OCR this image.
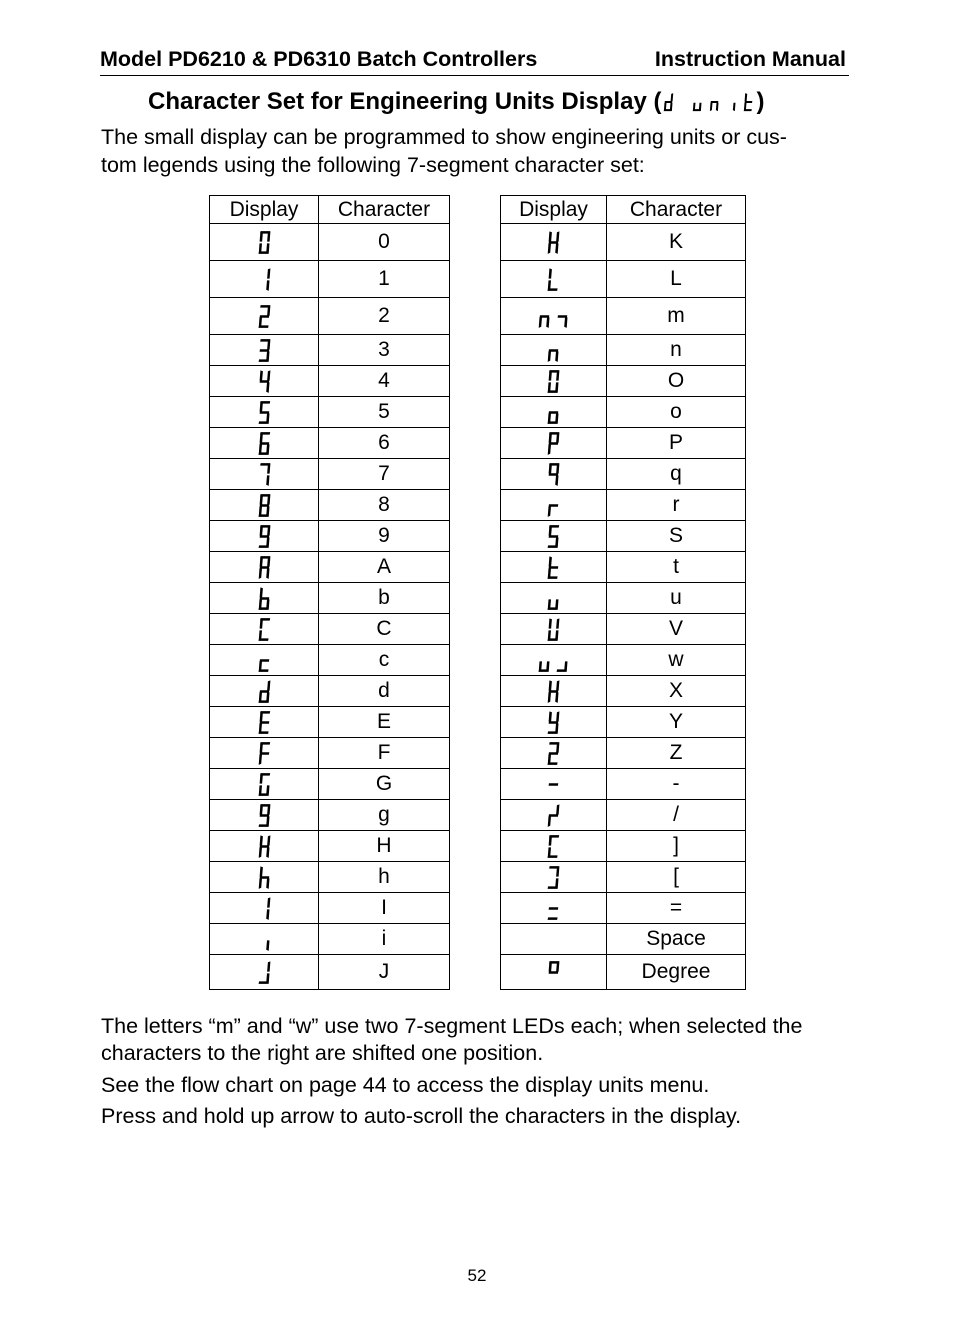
Model PD6210 & PD6310 Batch Controllers	Instruction Manual
Character Set for Engineering Units Display (	)
The small display can be programmed to show engineering units or cus-
tom legends using the following 7-segment character set:
Display	Character

	0

	1

	2

	3

	4

	5

	6

	7

	8

	9

	A

	b

	C

	c

	d

	E

	F

	G

	g

	H

	h

	I

	i

	J
Display	Character

	K

	L

	m

	n

	O

	o

	P

	q

	r

	S

	t

	u

	V

	w

	X

	Y

	Z

	-

	/

	]

	[

	=
	Space

	Degree
The letters “m” and “w” use two 7-segment LEDs each; when selected the
characters to the right are shifted one position.
See the flow chart on page 44 to access the display units menu.
Press and hold up arrow to auto-scroll the characters in the display.
52
